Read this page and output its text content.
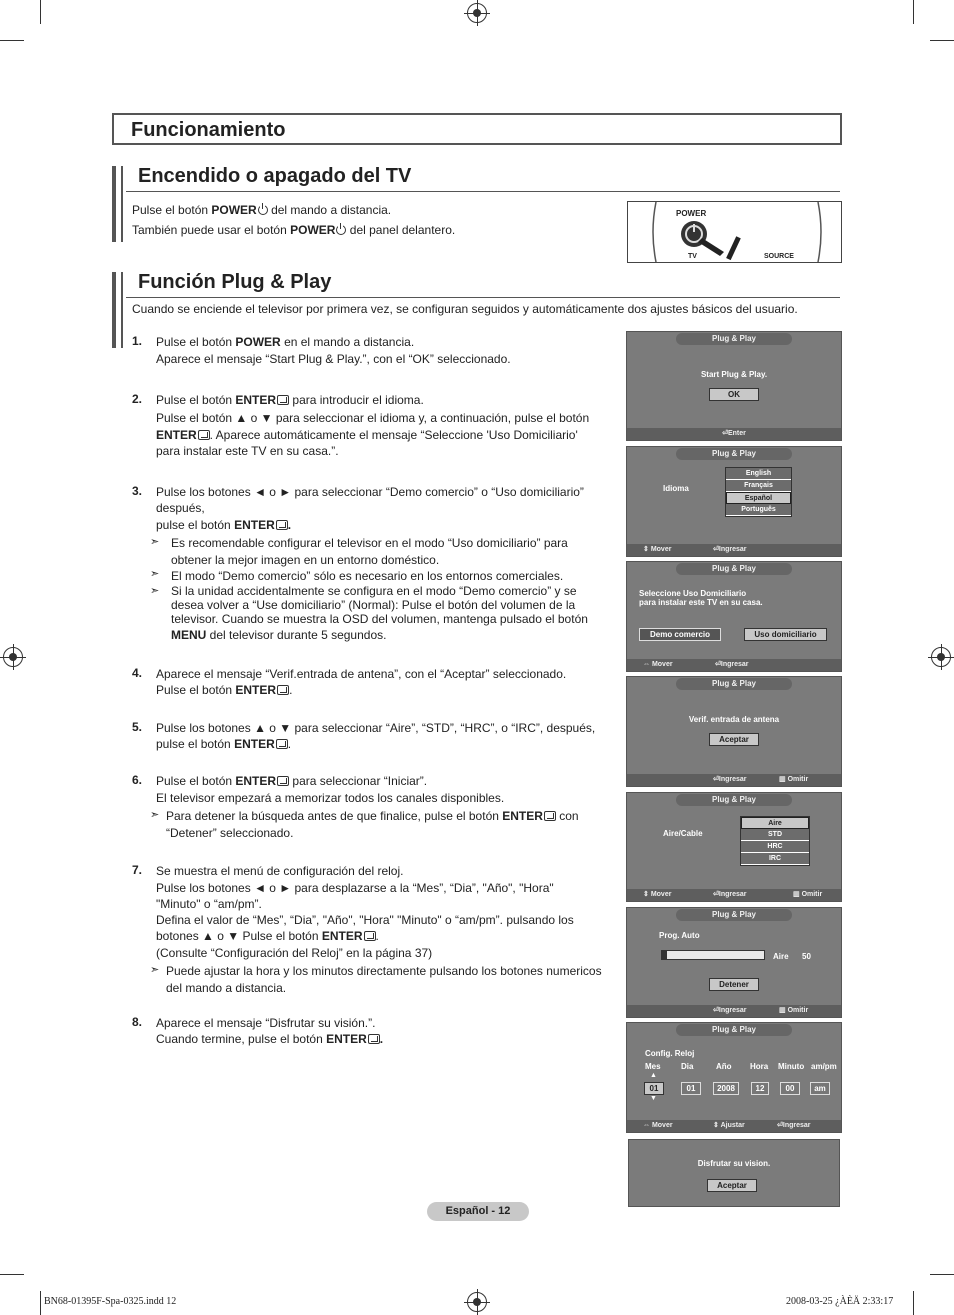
Funcionamiento
Encendido o apagado del TV
Pulse el botón POWER del mando a distancia.
También puede usar el botón POWER del panel delantero.
POWER
TV	SOURCE
Función Plug & Play
Cuando se enciende el televisor por primera vez, se configuran seguidos y automáticamente dos ajustes básicos del usuario.
1. Pulse el botón POWER en el mando a distancia.
Aparece el mensaje “Start Plug & Play.”, con el “OK” seleccionado.
2. Pulse el botón ENTER para introducir el idioma.
Pulse el botón ▲ o ▼ para seleccionar el idioma y, a continuación, pulse el botón
ENTER . Aparece automáticamente el mensaje “Seleccione 'Uso Domiciliario'
para instalar este TV en su casa.”.
3. Pulse los botones ◄ o ► para seleccionar “Demo comercio” o “Uso domiciliario”
después,
pulse el botón ENTER .
➣ Es recomendable configurar el televisor en el modo “Uso domiciliario” para
obtener la mejor imagen en un entorno doméstico.
➣ El modo “Demo comercio” sólo es necesario en los entornos comerciales.
➣ Si la unidad accidentalmente se configura en el modo “Demo comercio” y se
desea volver a “Use domiciliario” (Normal): Pulse el botón del volumen de la
televisor. Cuando se muestra la OSD del volumen, mantenga pulsado el botón
MENU del televisor durante 5 segundos.
4. Aparece el mensaje “Verif.entrada de antena”, con el “Aceptar” seleccionado.
Pulse el botón ENTER .
5. Pulse los botones ▲ o ▼ para seleccionar “Aire”, “STD”, “HRC”, o “IRC”, después,
pulse el botón ENTER .
6. Pulse el botón ENTER para seleccionar “Iniciar”.
El televisor empezará a memorizar todos los canales disponibles.
➣ Para detener la búsqueda antes de que finalice, pulse el botón ENTER con
“Detener” seleccionado.
7. Se muestra el menú de configuración del reloj.
Pulse los botones ◄ o ► para desplazarse a la “Mes”, “Dia”, "Año", "Hora"
"Minuto" o “am/pm”.
Defina el valor de “Mes”, “Dia”, "Año", "Hora" "Minuto" o “am/pm”. pulsando los
botones ▲ o ▼ Pulse el botón ENTER .
(Consulte “Configuración del Reloj” en la página 37)
➣ Puede ajustar la hora y los minutos directamente pulsando los botones numericos
del mando a distancia.
8. Aparece el mensaje “Disfrutar su visión.”.
Cuando termine, pulse el botón ENTER .
Plug & Play
Start Plug & Play.
OK
⏎Enter
Plug & Play
Idioma
English
Français
Español
Português
⇕ Mover	⏎Ingresar
Plug & Play
Seleccione Uso Domiciliario
para instalar este TV en su casa.
Demo comercio	Uso domiciliario
⇔ Mover	⏎Ingresar
Plug & Play
Verif. entrada de antena
Aceptar
⏎Ingresar	▥ Omitir
Plug & Play
Aire/Cable
Aire
STD
HRC
IRC
⇕ Mover	⏎Ingresar	▥ Omitir
Plug & Play
Prog. Auto
Aire 50
Detener
⏎Ingresar	▥ Omitir
Plug & Play
Config. Reloj
Mes	Dia	Año Hora Minuto am/pm
▲
01	01	2008	12	00	am
▼
⇔ Mover	⇕ Ajustar	⏎Ingresar
Disfrutar su vision.
Aceptar
Español - 12
BN68-01395F-Spa-0325.indd 12	2008-03-25 ¿ÀÈÄ 2:33:17
